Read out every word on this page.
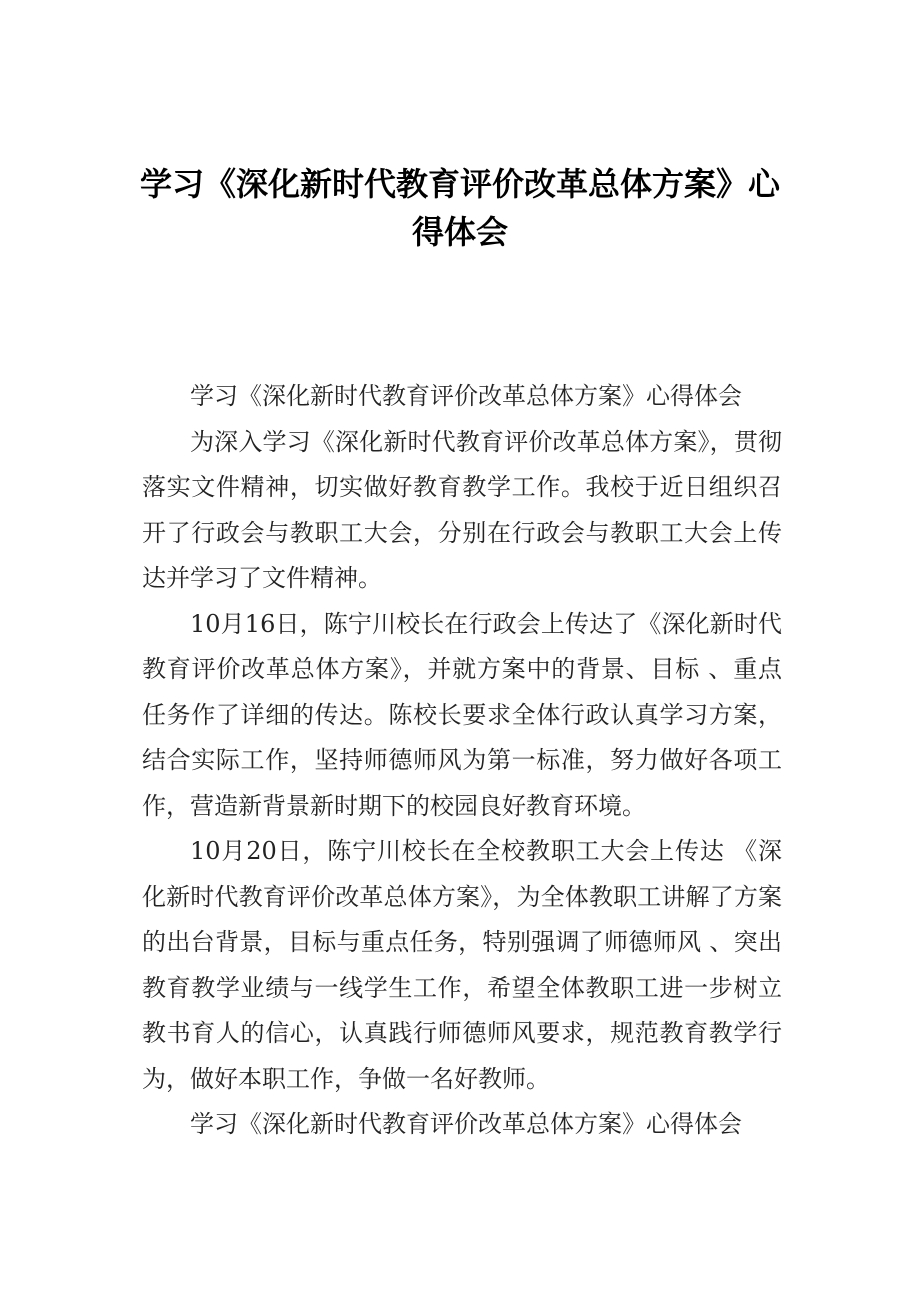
学习《深化新时代教育评价改革总体方案》心得体会

学习《深化新时代教育评价改革总体方案》心得体会

为深入学习《深化新时代教育评价改革总体方案》，贯彻落实文件精神，切实做好教育教学工作。我校于近日组织召开了行政会与教职工大会，分别在行政会与教职工大会上传达并学习了文件精神。

10月16日，陈宁川校长在行政会上传达了《深化新时代教育评价改革总体方案》，并就方案中的背景、目标 、重点任务作了详细的传达。陈校长要求全体行政认真学习方案，结合实际工作，坚持师德师风为第一标准，努力做好各项工作，营造新背景新时期下的校园良好教育环境。

10月20日，陈宁川校长在全校教职工大会上传达 《深化新时代教育评价改革总体方案》，为全体教职工讲解了方案的出台背景，目标与重点任务，特别强调了师德师风 、突出教育教学业绩与一线学生工作，希望全体教职工进一步树立教书育人的信心，认真践行师德师风要求，规范教育教学行为，做好本职工作，争做一名好教师。

学习《深化新时代教育评价改革总体方案》心得体会
